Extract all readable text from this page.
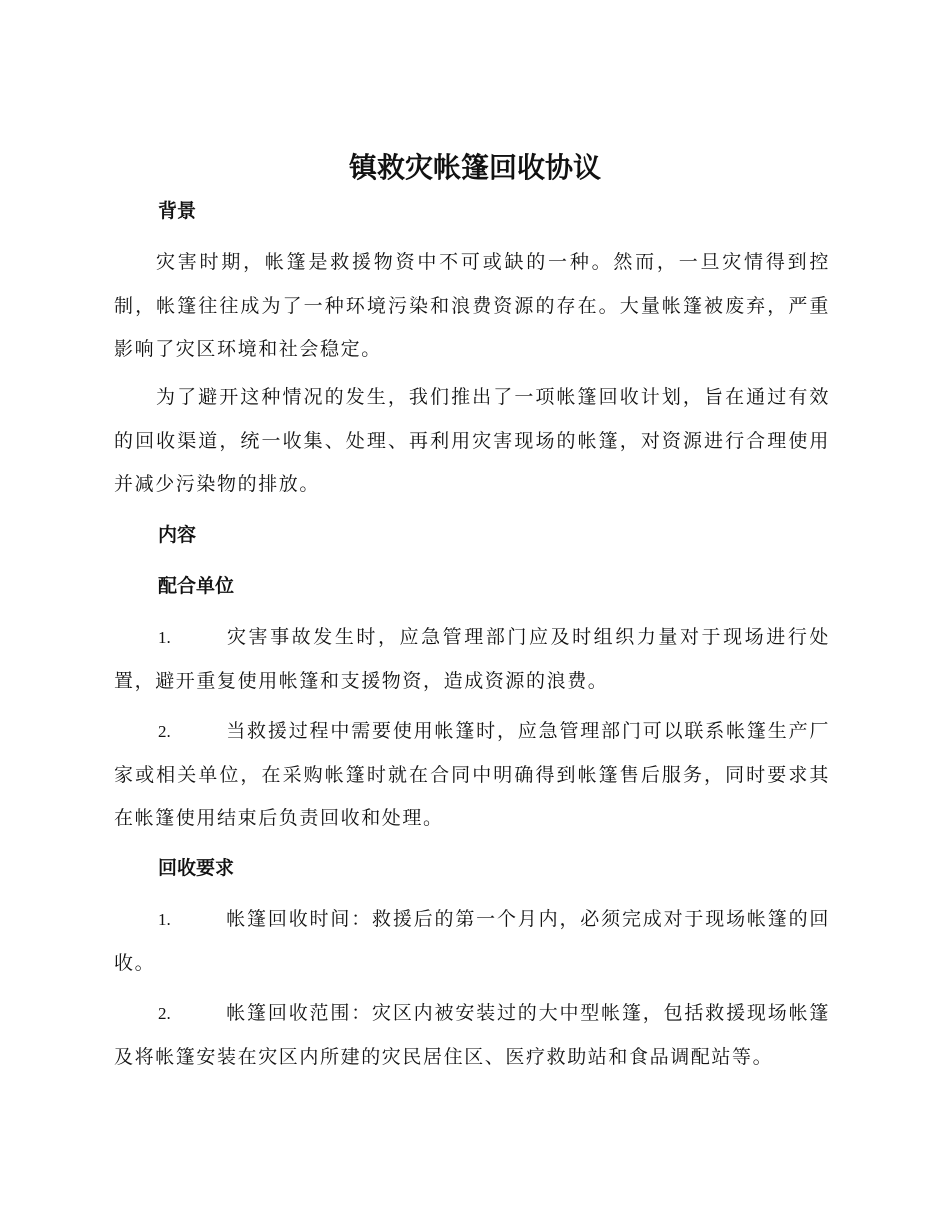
镇救灾帐篷回收协议
背景

灾害时期，帐篷是救援物资中不可或缺的一种。然而，一旦灾情得到控制，帐篷往往成为了一种环境污染和浪费资源的存在。大量帐篷被废弃，严重影响了灾区环境和社会稳定。

为了避开这种情况的发生，我们推出了一项帐篷回收计划，旨在通过有效的回收渠道，统一收集、处理、再利用灾害现场的帐篷，对资源进行合理使用并减少污染物的排放。

内容
配合单位

1.	灾害事故发生时，应急管理部门应及时组织力量对于现场进行处置，避开重复使用帐篷和支援物资，造成资源的浪费。

2.	当救援过程中需要使用帐篷时，应急管理部门可以联系帐篷生产厂家或相关单位，在采购帐篷时就在合同中明确得到帐篷售后服务，同时要求其在帐篷使用结束后负责回收和处理。

回收要求

1.	帐篷回收时间：救援后的第一个月内，必须完成对于现场帐篷的回收。

2.	帐篷回收范围：灾区内被安装过的大中型帐篷，包括救援现场帐篷及将帐篷安装在灾区内所建的灾民居住区、医疗救助站和食品调配站等。
